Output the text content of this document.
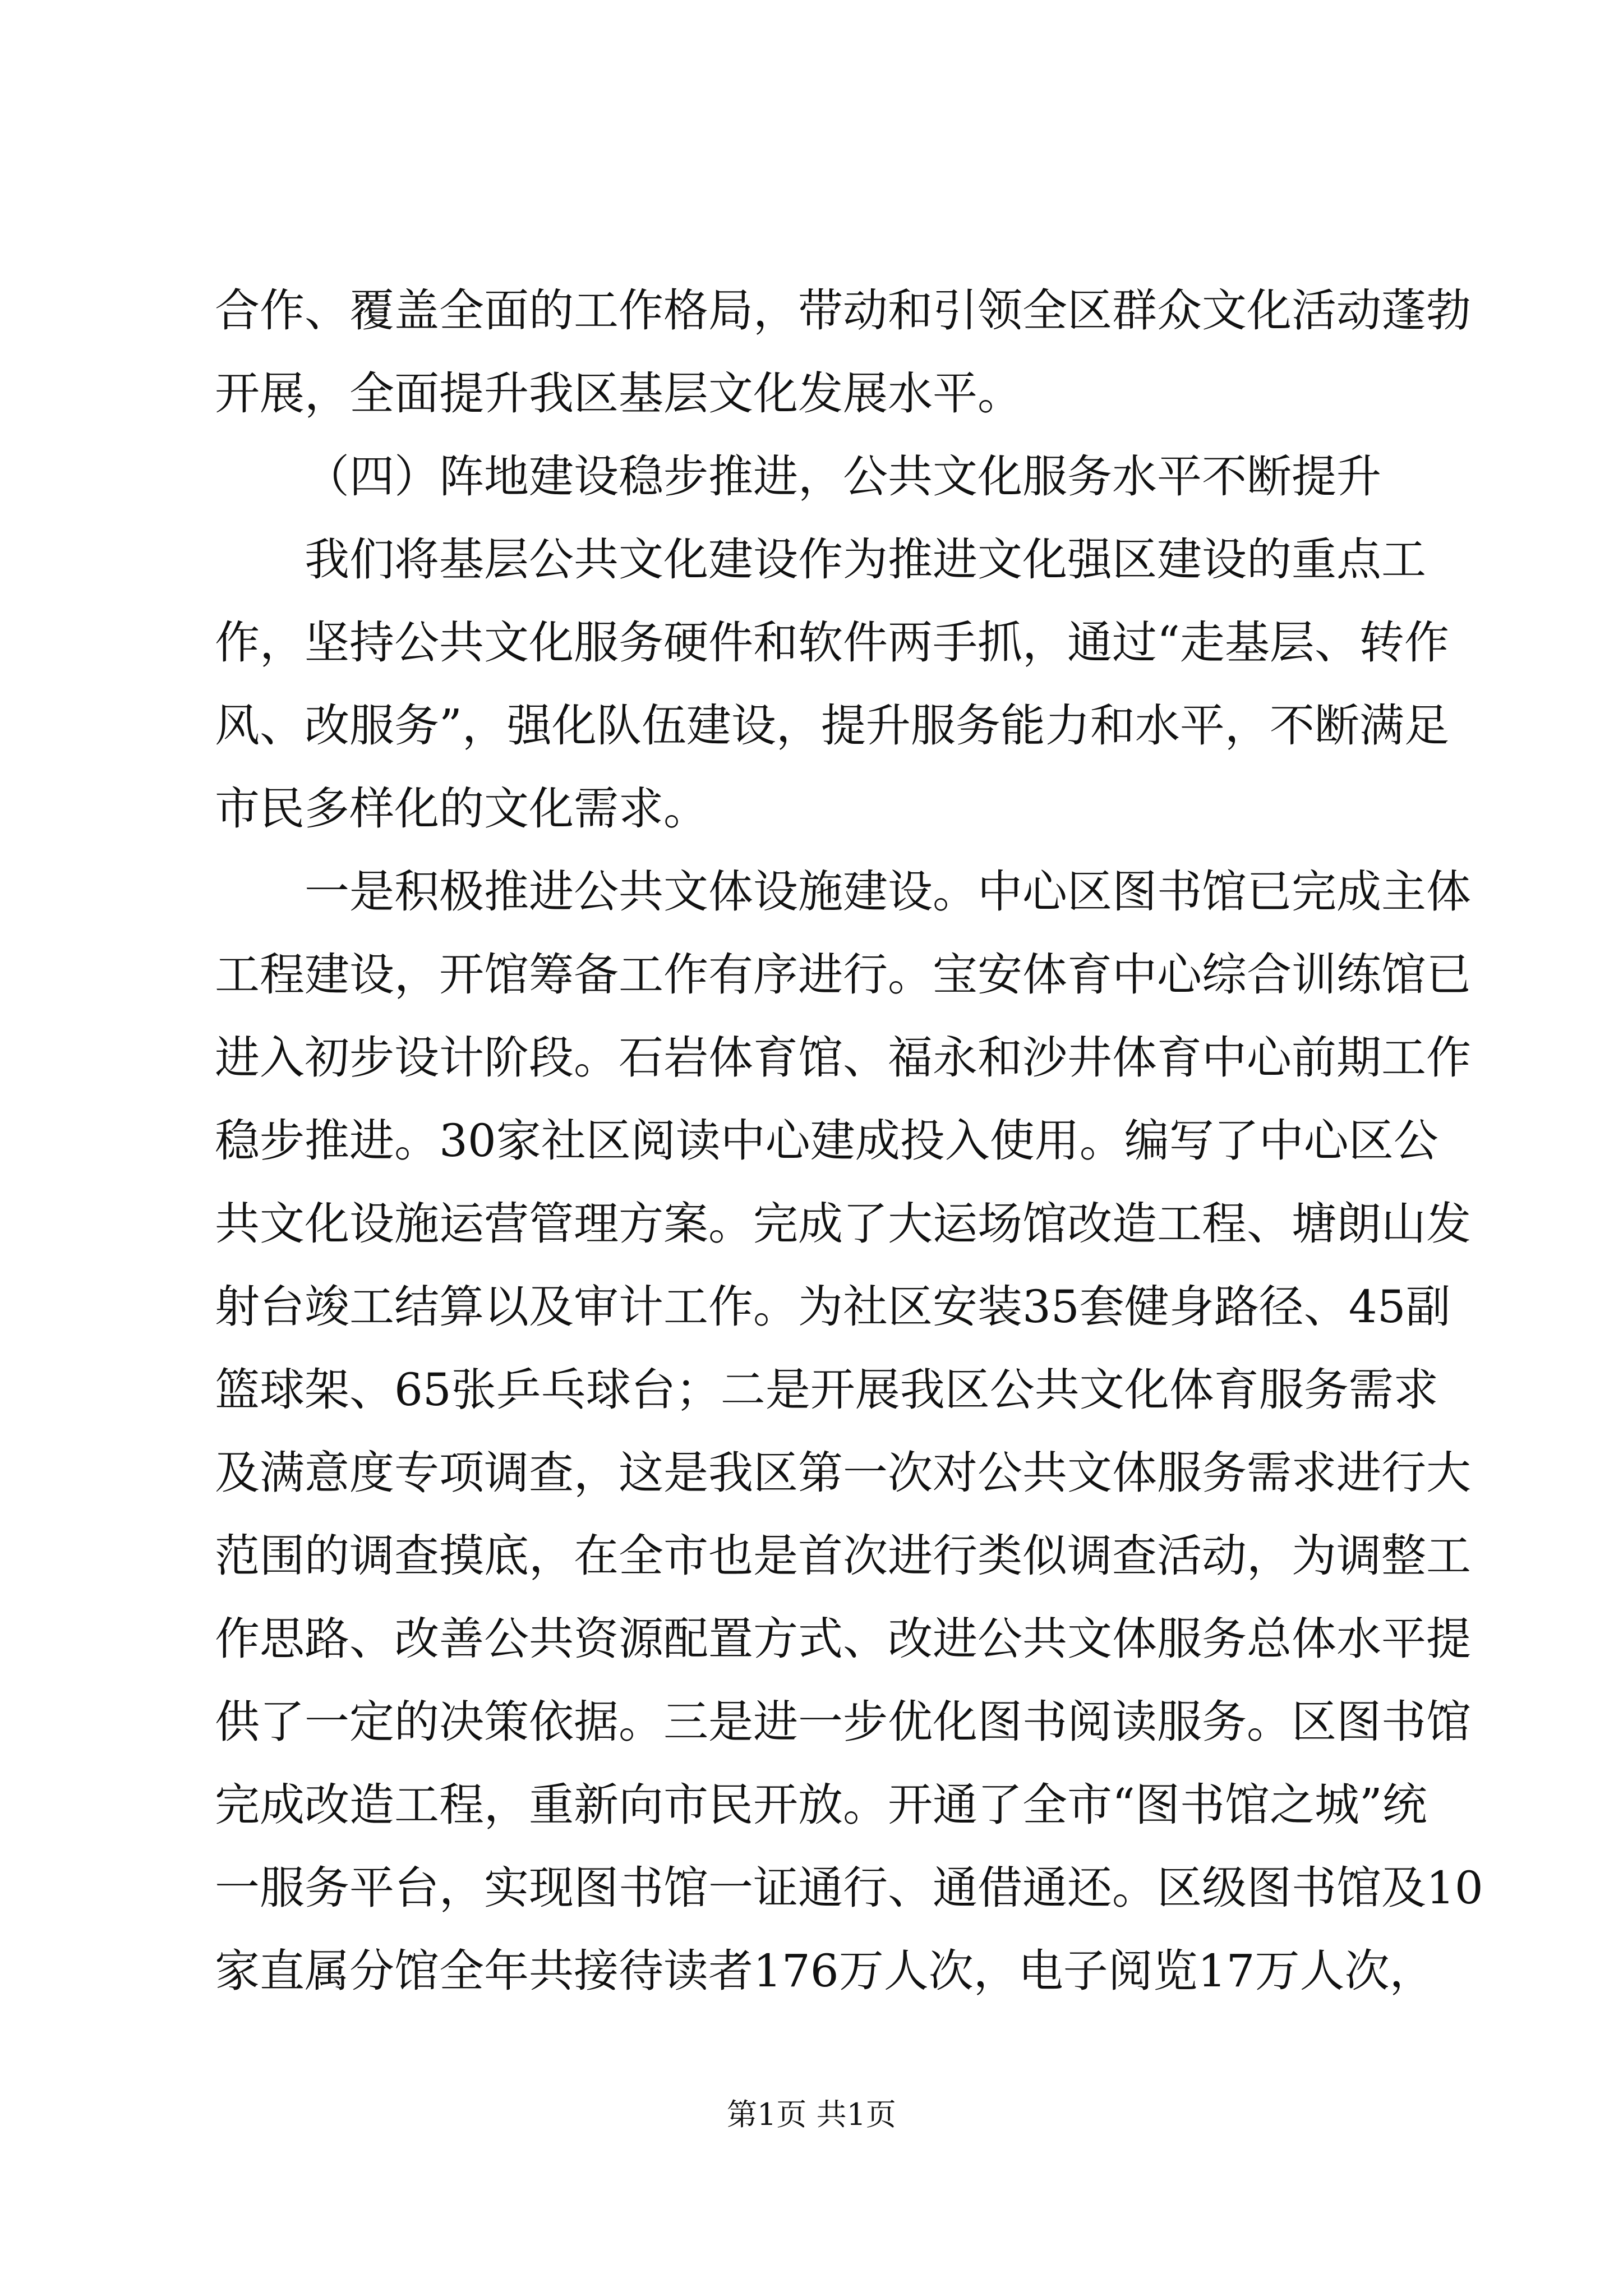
合作、覆盖全面的工作格局，带动和引领全区群众文化活动蓬勃
开展，全面提升我区基层文化发展水平。
（四）阵地建设稳步推进，公共文化服务水平不断提升
我们将基层公共文化建设作为推进文化强区建设的重点工
作，坚持公共文化服务硬件和软件两手抓，通过“走基层、转作
风、改服务”，强化队伍建设，提升服务能力和水平，不断满足
市民多样化的文化需求。
一是积极推进公共文体设施建设。中心区图书馆已完成主体
工程建设，开馆筹备工作有序进行。宝安体育中心综合训练馆已
进入初步设计阶段。石岩体育馆、福永和沙井体育中心前期工作
稳步推进。30家社区阅读中心建成投入使用。编写了中心区公
共文化设施运营管理方案。完成了大运场馆改造工程、塘朗山发
射台竣工结算以及审计工作。为社区安装35套健身路径、45副
篮球架、65张乒乓球台；二是开展我区公共文化体育服务需求
及满意度专项调查，这是我区第一次对公共文体服务需求进行大
范围的调查摸底，在全市也是首次进行类似调查活动，为调整工
作思路、改善公共资源配置方式、改进公共文体服务总体水平提
供了一定的决策依据。三是进一步优化图书阅读服务。区图书馆
完成改造工程，重新向市民开放。开通了全市“图书馆之城”统
一服务平台，实现图书馆一证通行、通借通还。区级图书馆及10
家直属分馆全年共接待读者176万人次，电子阅览17万人次，
第1页 共1页
